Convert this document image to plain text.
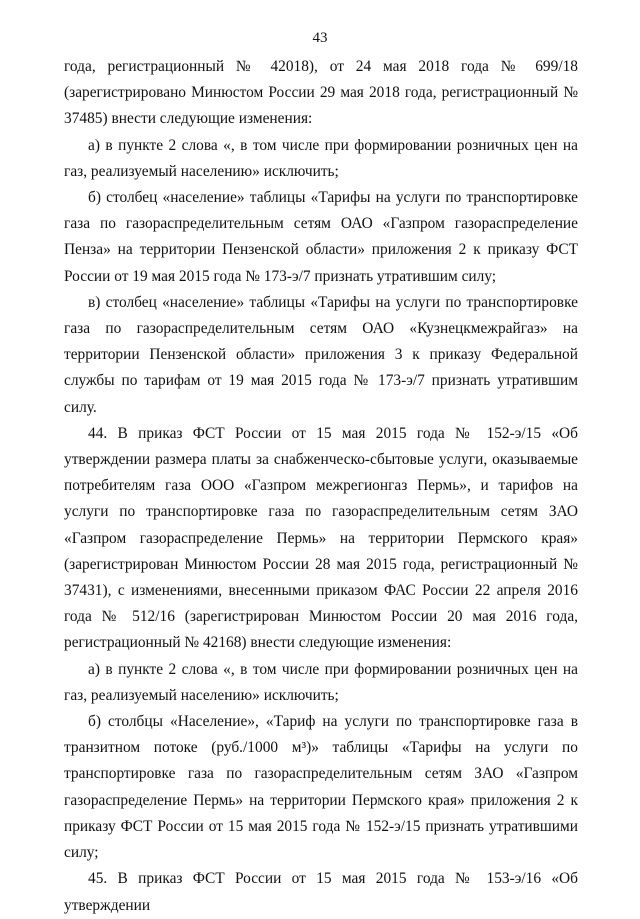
43

года, регистрационный № 42018), от 24 мая 2018 года № 699/18 (зарегистрировано Минюстом России 29 мая 2018 года, регистрационный № 37485) внести следующие изменения:

а) в пункте 2 слова «, в том числе при формировании розничных цен на газ, реализуемый населению» исключить;

б) столбец «население» таблицы «Тарифы на услуги по транспортировке газа по газораспределительным сетям ОАО «Газпром газораспределение Пенза» на территории Пензенской области» приложения 2 к приказу ФСТ России от 19 мая 2015 года № 173-э/7 признать утратившим силу;

в) столбец «население» таблицы «Тарифы на услуги по транспортировке газа по газораспределительным сетям ОАО «Кузнецкмежрайгаз» на территории Пензенской области» приложения 3 к приказу Федеральной службы по тарифам от 19 мая 2015 года № 173-э/7 признать утратившим силу.

44. В приказ ФСТ России от 15 мая 2015 года № 152-э/15 «Об утверждении размера платы за снабженческо-сбытовые услуги, оказываемые потребителям газа ООО «Газпром межрегионгаз Пермь», и тарифов на услуги по транспортировке газа по газораспределительным сетям ЗАО «Газпром газораспределение Пермь» на территории Пермского края» (зарегистрирован Минюстом России 28 мая 2015 года, регистрационный № 37431), с изменениями, внесенными приказом ФАС России 22 апреля 2016 года № 512/16 (зарегистрирован Минюстом России 20 мая 2016 года, регистрационный № 42168) внести следующие изменения:

а) в пункте 2 слова «, в том числе при формировании розничных цен на газ, реализуемый населению» исключить;

б) столбцы «Население», «Тариф на услуги по транспортировке газа в транзитном потоке (руб./1000 м³)» таблицы «Тарифы на услуги по транспортировке газа по газораспределительным сетям ЗАО «Газпром газораспределение Пермь» на территории Пермского края» приложения 2 к приказу ФСТ России от 15 мая 2015 года № 152-э/15 признать утратившими силу;

45. В приказ ФСТ России от 15 мая 2015 года № 153-э/16 «Об утверждении
